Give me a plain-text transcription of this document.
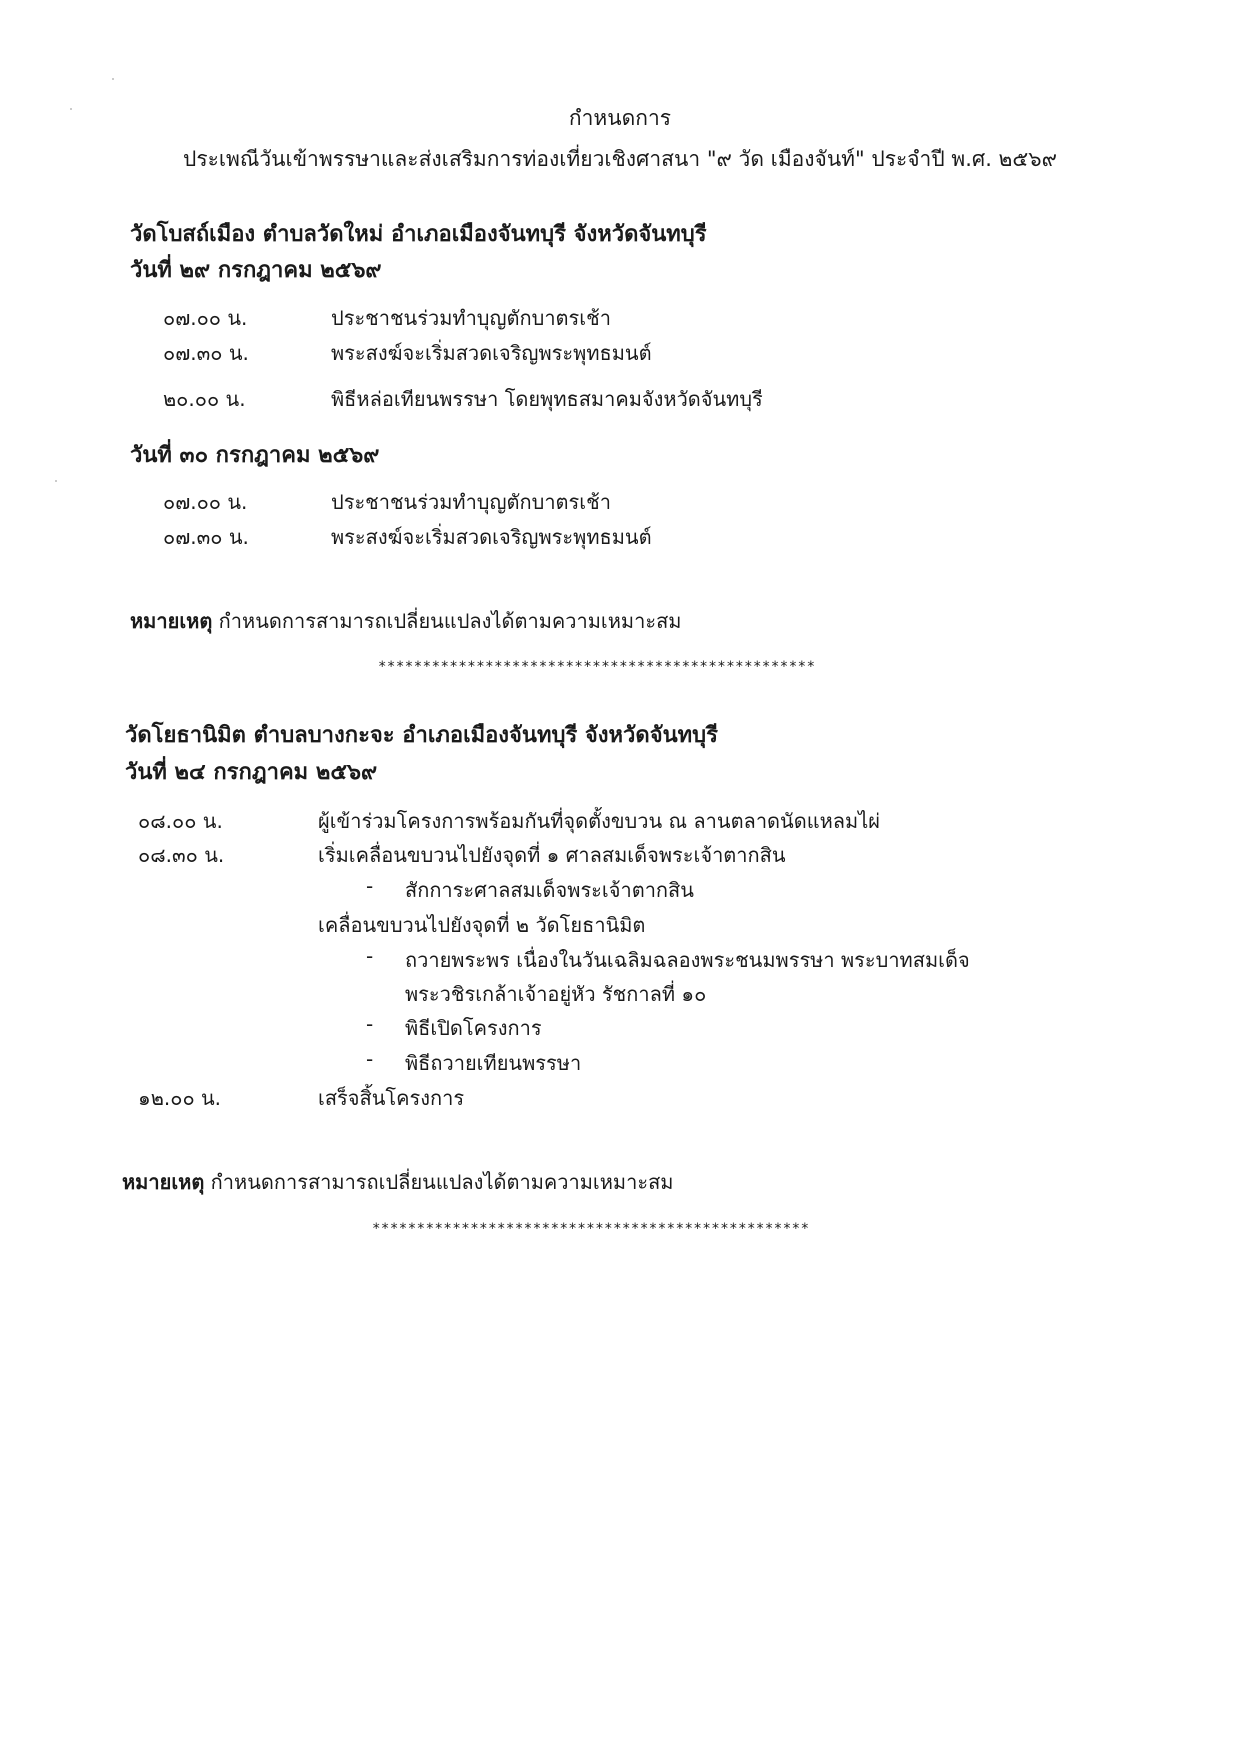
กำหนดการ
ประเพณีวันเข้าพรรษาและส่งเสริมการท่องเที่ยวเชิงศาสนา "๙ วัด เมืองจันท์" ประจำปี พ.ศ. ๒๕๖๙
วัดโบสถ์เมือง ตำบลวัดใหม่ อำเภอเมืองจันทบุรี จังหวัดจันทบุรี
วันที่ ๒๙ กรกฎาคม ๒๕๖๙
๐๗.๐๐ น.	ประชาชนร่วมทำบุญตักบาตรเช้า
๐๗.๓๐ น.	พระสงฆ์จะเริ่มสวดเจริญพระพุทธมนต์
๒๐.๐๐ น.	พิธีหล่อเทียนพรรษา โดยพุทธสมาคมจังหวัดจันทบุรี
วันที่ ๓๐ กรกฎาคม ๒๕๖๙
๐๗.๐๐ น.	ประชาชนร่วมทำบุญตักบาตรเช้า
๐๗.๓๐ น.	พระสงฆ์จะเริ่มสวดเจริญพระพุทธมนต์
หมายเหตุ กำหนดการสามารถเปลี่ยนแปลงได้ตามความเหมาะสม
*************************************************
วัดโยธานิมิต ตำบลบางกะจะ อำเภอเมืองจันทบุรี จังหวัดจันทบุรี
วันที่ ๒๔ กรกฎาคม ๒๕๖๙
๐๘.๐๐ น.	ผู้เข้าร่วมโครงการพร้อมกันที่จุดตั้งขบวน ณ ลานตลาดนัดแหลมไผ่
๐๘.๓๐ น.	เริ่มเคลื่อนขบวนไปยังจุดที่ ๑ ศาลสมเด็จพระเจ้าตากสิน
- สักการะศาลสมเด็จพระเจ้าตากสิน
เคลื่อนขบวนไปยังจุดที่ ๒ วัดโยธานิมิต
- ถวายพระพร เนื่องในวันเฉลิมฉลองพระชนมพรรษา พระบาทสมเด็จ
พระวชิรเกล้าเจ้าอยู่หัว รัชกาลที่ ๑๐
- พิธีเปิดโครงการ
- พิธีถวายเทียนพรรษา
๑๒.๐๐ น.	เสร็จสิ้นโครงการ
หมายเหตุ กำหนดการสามารถเปลี่ยนแปลงได้ตามความเหมาะสม
*************************************************
